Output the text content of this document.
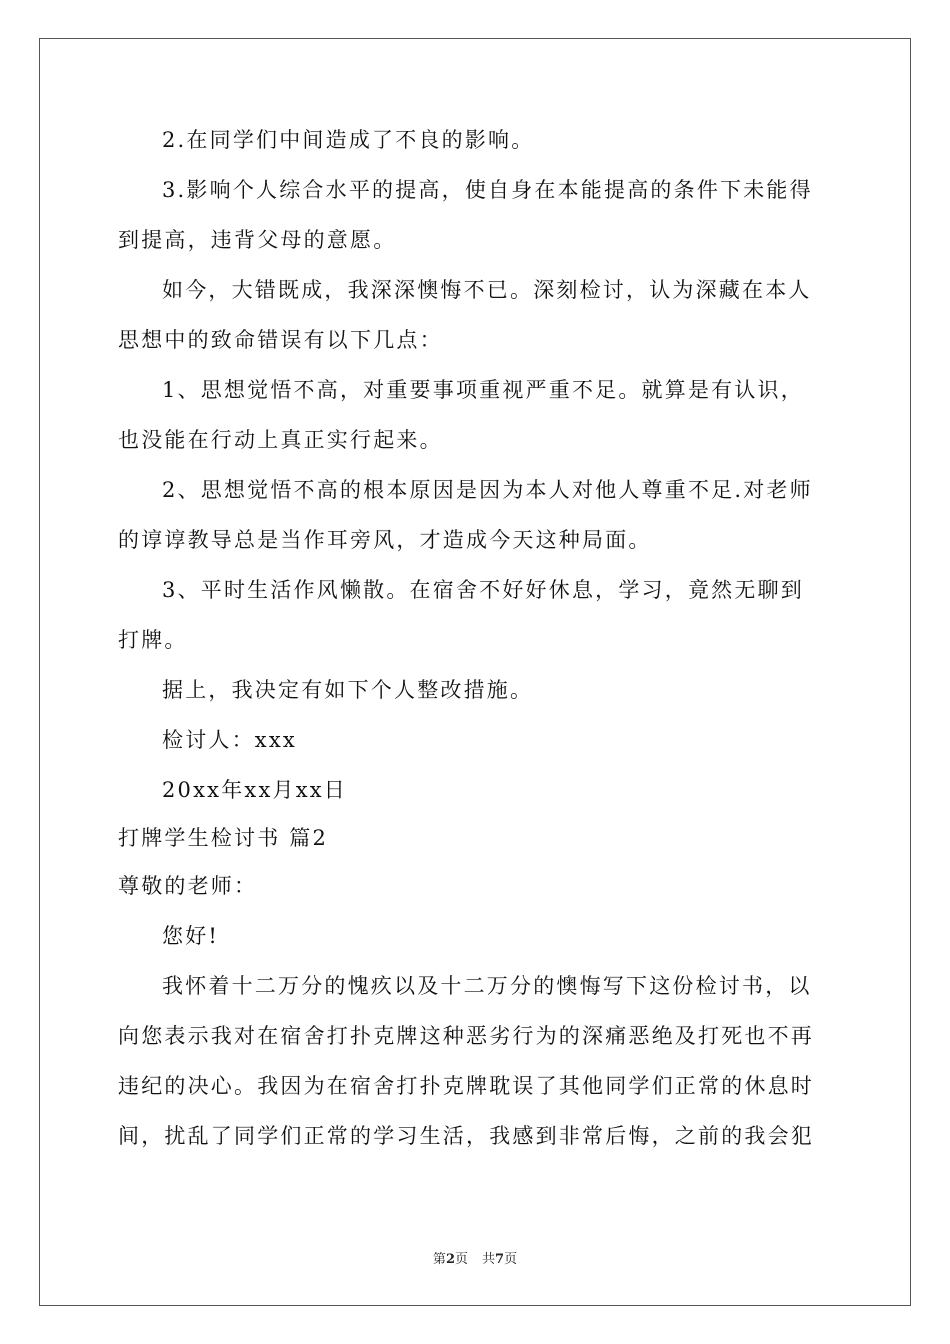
2.在同学们中间造成了不良的影响。
3.影响个人综合水平的提高，使自身在本能提高的条件下未能得
到提高，违背父母的意愿。
如今，大错既成，我深深懊悔不已。深刻检讨，认为深藏在本人
思想中的致命错误有以下几点：
1、思想觉悟不高，对重要事项重视严重不足。就算是有认识，
也没能在行动上真正实行起来。
2、思想觉悟不高的根本原因是因为本人对他人尊重不足.对老师
的谆谆教导总是当作耳旁风，才造成今天这种局面。
3、平时生活作风懒散。在宿舍不好好休息，学习，竟然无聊到
打牌。
据上，我决定有如下个人整改措施。
检讨人：xxx
20xx年xx月xx日
打牌学生检讨书 篇2
尊敬的老师：
您好!
我怀着十二万分的愧疚以及十二万分的懊悔写下这份检讨书，以
向您表示我对在宿舍打扑克牌这种恶劣行为的深痛恶绝及打死也不再
违纪的决心。我因为在宿舍打扑克牌耽误了其他同学们正常的休息时
间，扰乱了同学们正常的学习生活，我感到非常后悔，之前的我会犯
第2页 共7页
